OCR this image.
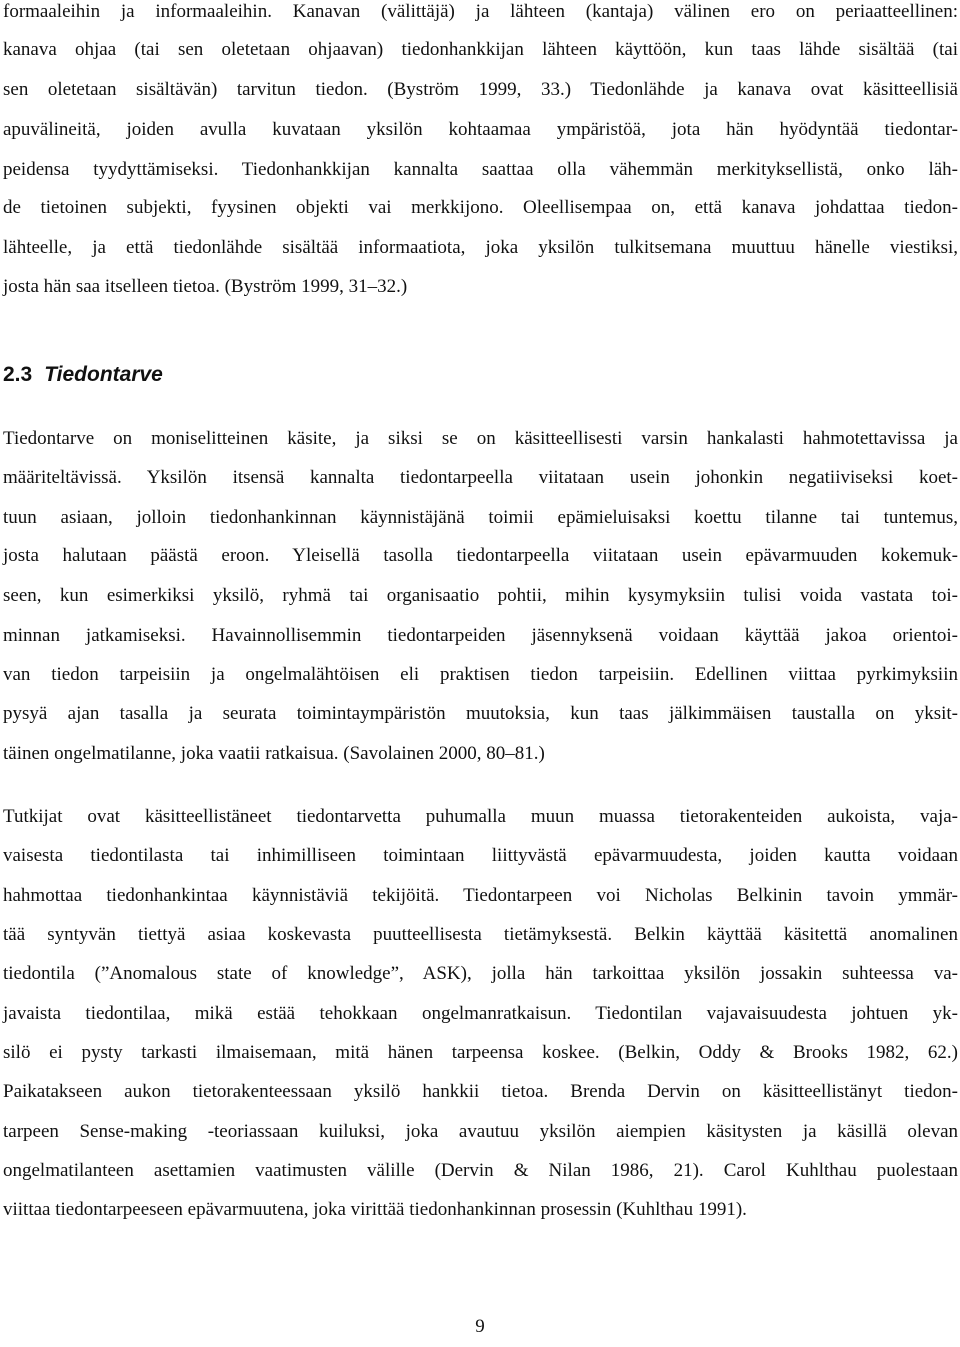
formaaleihin ja informaaleihin. Kanavan (välittäjä) ja lähteen (kantaja) välinen ero on periaatteellinen:
kanava ohjaa (tai sen oletetaan ohjaavan) tiedonhankkijan lähteen käyttöön, kun taas lähde sisältää (tai
sen oletetaan sisältävän) tarvitun tiedon. (Byström 1999, 33.) Tiedonlähde ja kanava ovat käsitteellisiä
apuvälineitä, joiden avulla kuvataan yksilön kohtaamaa ympäristöä, jota hän hyödyntää tiedontar-
peidensa tyydyttämiseksi. Tiedonhankkijan kannalta saattaa olla vähemmän merkityksellistä, onko läh-
de tietoinen subjekti, fyysinen objekti vai merkkijono. Oleellisempaa on, että kanava johdattaa tiedon-
lähteelle, ja että tiedonlähde sisältää informaatiota, joka yksilön tulkitsemana muuttuu hänelle viestiksi,
josta hän saa itselleen tietoa. (Byström 1999, 31–32.)
2.3 Tiedontarve
Tiedontarve on moniselitteinen käsite, ja siksi se on käsitteellisesti varsin hankalasti hahmotettavissa ja
määriteltävissä. Yksilön itsensä kannalta tiedontarpeella viitataan usein johonkin negatiiviseksi koet-
tuun asiaan, jolloin tiedonhankinnan käynnistäjänä toimii epämieluisaksi koettu tilanne tai tuntemus,
josta halutaan päästä eroon. Yleisellä tasolla tiedontarpeella viitataan usein epävarmuuden kokemuk-
seen, kun esimerkiksi yksilö, ryhmä tai organisaatio pohtii, mihin kysymyksiin tulisi voida vastata toi-
minnan jatkamiseksi. Havainnollisemmin tiedontarpeiden jäsennyksenä voidaan käyttää jakoa orientoi-
van tiedon tarpeisiin ja ongelmalähtöisen eli praktisen tiedon tarpeisiin. Edellinen viittaa pyrkimyksiin
pysyä ajan tasalla ja seurata toimintaympäristön muutoksia, kun taas jälkimmäisen taustalla on yksit-
täinen ongelmatilanne, joka vaatii ratkaisua. (Savolainen 2000, 80–81.)
Tutkijat ovat käsitteellistäneet tiedontarvetta puhumalla muun muassa tietorakenteiden aukoista, vaja-
vaisesta tiedontilasta tai inhimilliseen toimintaan liittyvästä epävarmuudesta, joiden kautta voidaan
hahmottaa tiedonhankintaa käynnistäviä tekijöitä. Tiedontarpeen voi Nicholas Belkinin tavoin ymmär-
tää syntyvän tiettyä asiaa koskevasta puutteellisesta tietämyksestä. Belkin käyttää käsitettä anomalinen
tiedontila (”Anomalous state of knowledge”, ASK), jolla hän tarkoittaa yksilön jossakin suhteessa va-
javaista tiedontilaa, mikä estää tehokkaan ongelmanratkaisun. Tiedontilan vajavaisuudesta johtuen yk-
silö ei pysty tarkasti ilmaisemaan, mitä hänen tarpeensa koskee. (Belkin, Oddy & Brooks 1982, 62.)
Paikatakseen aukon tietorakenteessaan yksilö hankkii tietoa. Brenda Dervin on käsitteellistänyt tiedon-
tarpeen Sense-making -teoriassaan kuiluksi, joka avautuu yksilön aiempien käsitysten ja käsillä olevan
ongelmatilanteen asettamien vaatimusten välille (Dervin & Nilan 1986, 21). Carol Kuhlthau puolestaan
viittaa tiedontarpeeseen epävarmuutena, joka virittää tiedonhankinnan prosessin (Kuhlthau 1991).
9
